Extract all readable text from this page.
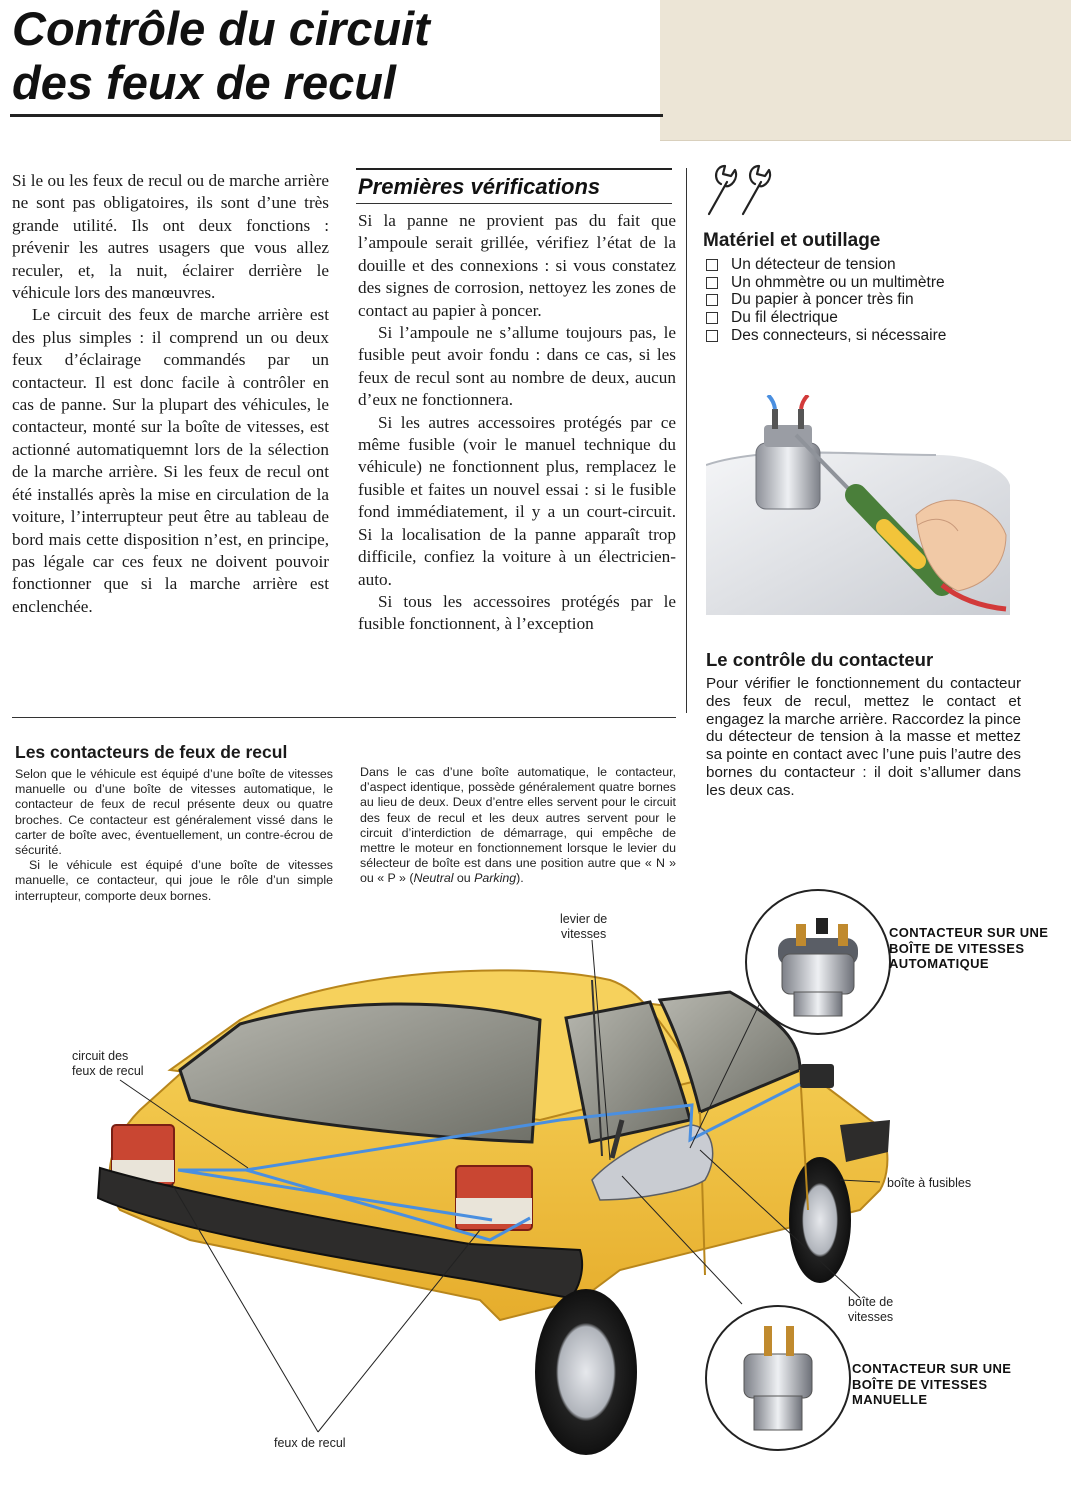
Contrôle du circuit
des feux de recul

Si le ou les feux de recul ou de marche arrière ne sont pas obligatoires, ils sont d’une très grande utilité. Ils ont deux fonctions : prévenir les autres usagers que vous allez reculer, et, la nuit, éclairer derrière le véhicule lors des manœuvres.

Le circuit des feux de marche arrière est des plus simples : il comprend un ou deux feux d’éclairage commandés par un contacteur. Il est donc facile à contrôler en cas de panne. Sur la plupart des véhicules, le contacteur, monté sur la boîte de vitesses, est actionné automatiquemnt lors de la sélection de la marche arrière. Si les feux de recul ont été installés après la mise en circulation de la voiture, l’interrupteur peut être au tableau de bord mais cette disposition n’est, en principe, pas légale car ces feux ne doivent pouvoir fonctionner que si la marche arrière est enclenchée.

Premières vérifications

Si la panne ne provient pas du fait que l’ampoule serait grillée, vérifiez l’état de la douille et des connexions : si vous constatez des signes de corrosion, nettoyez les zones de contact au papier à poncer.

Si l’ampoule ne s’allume toujours pas, le fusible peut avoir fondu : dans ce cas, si les feux de recul sont au nombre de deux, aucun d’eux ne fonctionnera.

Si les autres accessoires protégés par ce même fusible (voir le manuel technique du véhicule) ne fonctionnent plus, remplacez le fusible et faites un nouvel essai : si le fusible fond immédiatement, il y a un court-circuit. Si la localisation de la panne apparaît trop difficile, confiez la voiture à un électricien-auto.

Si tous les accessoires protégés par le fusible fonctionnent, à l’exception

Matériel et outillage
Un détecteur de tension
Un ohmmètre ou un multimètre
Du papier à poncer très fin
Du fil électrique
Des connecteurs, si nécessaire
Le contrôle du contacteur

Pour vérifier le fonctionnement du contacteur des feux de recul, mettez le contact et engagez la marche arrière. Raccordez la pince du détecteur de tension à la masse et mettez sa pointe en contact avec l’une puis l’autre des bornes du contacteur : il doit s’allumer dans les deux cas.

Les contacteurs de feux de recul

Selon que le véhicule est équipé d’une boîte de vitesses manuelle ou d’une boîte de vitesses automatique, le contacteur de feux de recul présente deux ou quatre broches. Ce contacteur est généralement vissé dans le carter de boîte avec, éventuellement, un contre-écrou de sécurité.

Si le véhicule est équipé d’une boîte de vitesses manuelle, ce contacteur, qui joue le rôle d’un simple interrupteur, comporte deux bornes.

Dans le cas d’une boîte automatique, le contacteur, d’aspect identique, possède généralement quatre bornes au lieu de deux. Deux d’entre elles servent pour le circuit des feux de recul et les deux autres servent pour le circuit d’interdiction de démarrage, qui empêche de mettre le moteur en fonctionnement lorsque le levier du sélecteur de boîte est dans une position autre que « N » ou « P » (Neutral ou Parking).

levier de
vitesses
circuit des
feux de recul
boîte à fusibles
boîte de
vitesses
feux de recul
CONTACTEUR SUR UNE
BOÎTE DE VITESSES
AUTOMATIQUE
CONTACTEUR SUR UNE
BOÎTE DE VITESSES
MANUELLE
